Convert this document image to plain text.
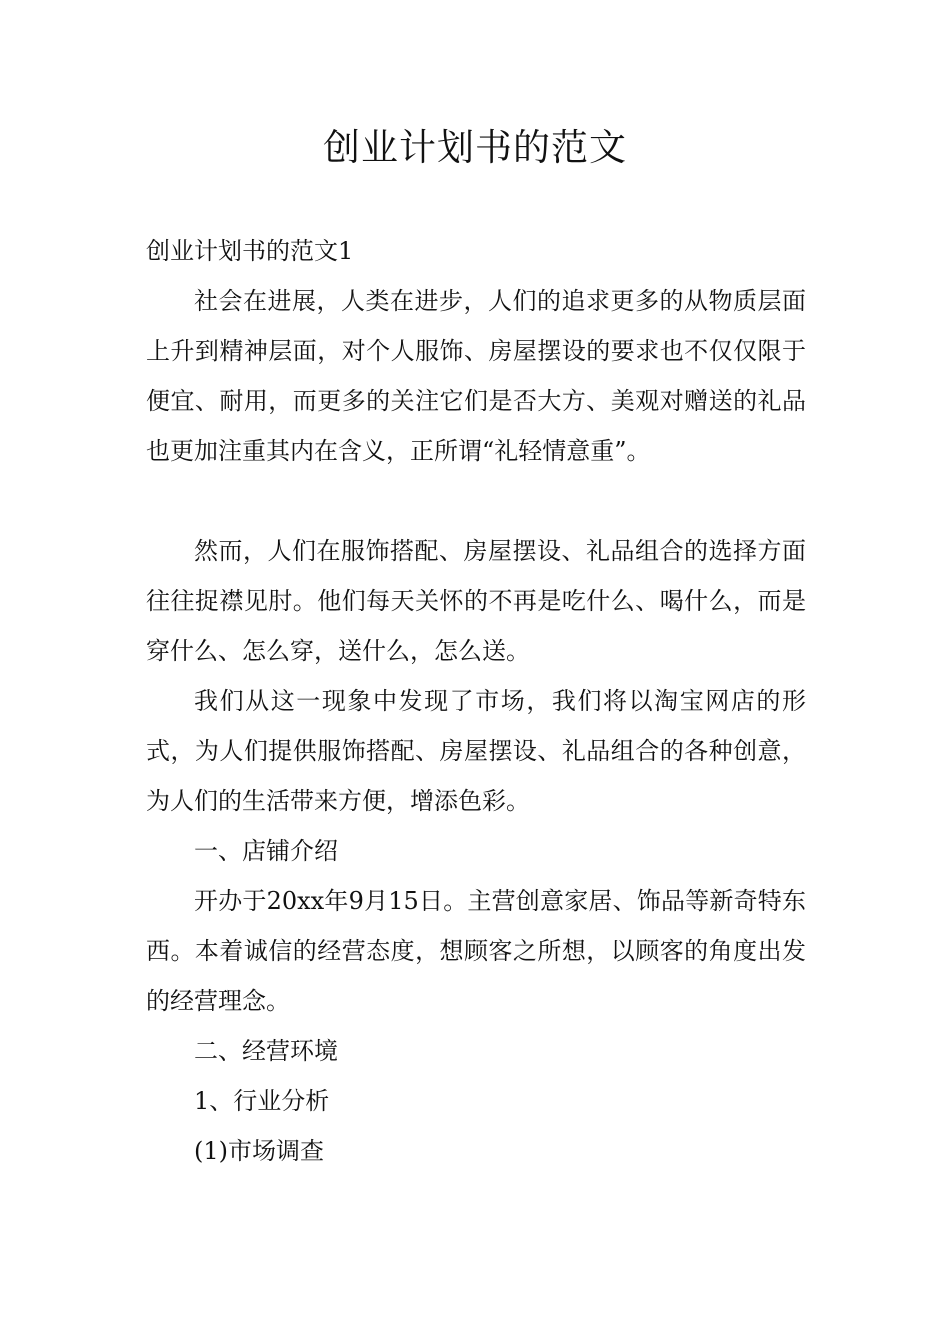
创业计划书的范文

创业计划书的范文1

社会在进展，人类在进步，人们的追求更多的从物质层面上升到精神层面，对个人服饰、房屋摆设的要求也不仅仅限于便宜、耐用，而更多的关注它们是否大方、美观对赠送的礼品也更加注重其内在含义，正所谓“礼轻情意重”。

然而，人们在服饰搭配、房屋摆设、礼品组合的选择方面往往捉襟见肘。他们每天关怀的不再是吃什么、喝什么，而是穿什么、怎么穿，送什么，怎么送。

我们从这一现象中发现了市场，我们将以淘宝网店的形式，为人们提供服饰搭配、房屋摆设、礼品组合的各种创意，为人们的生活带来方便，增添色彩。

一、店铺介绍

开办于20xx年9月15日。主营创意家居、饰品等新奇特东西。本着诚信的经营态度，想顾客之所想，以顾客的角度出发的经营理念。

二、经营环境

1、行业分析

(1)市场调查
